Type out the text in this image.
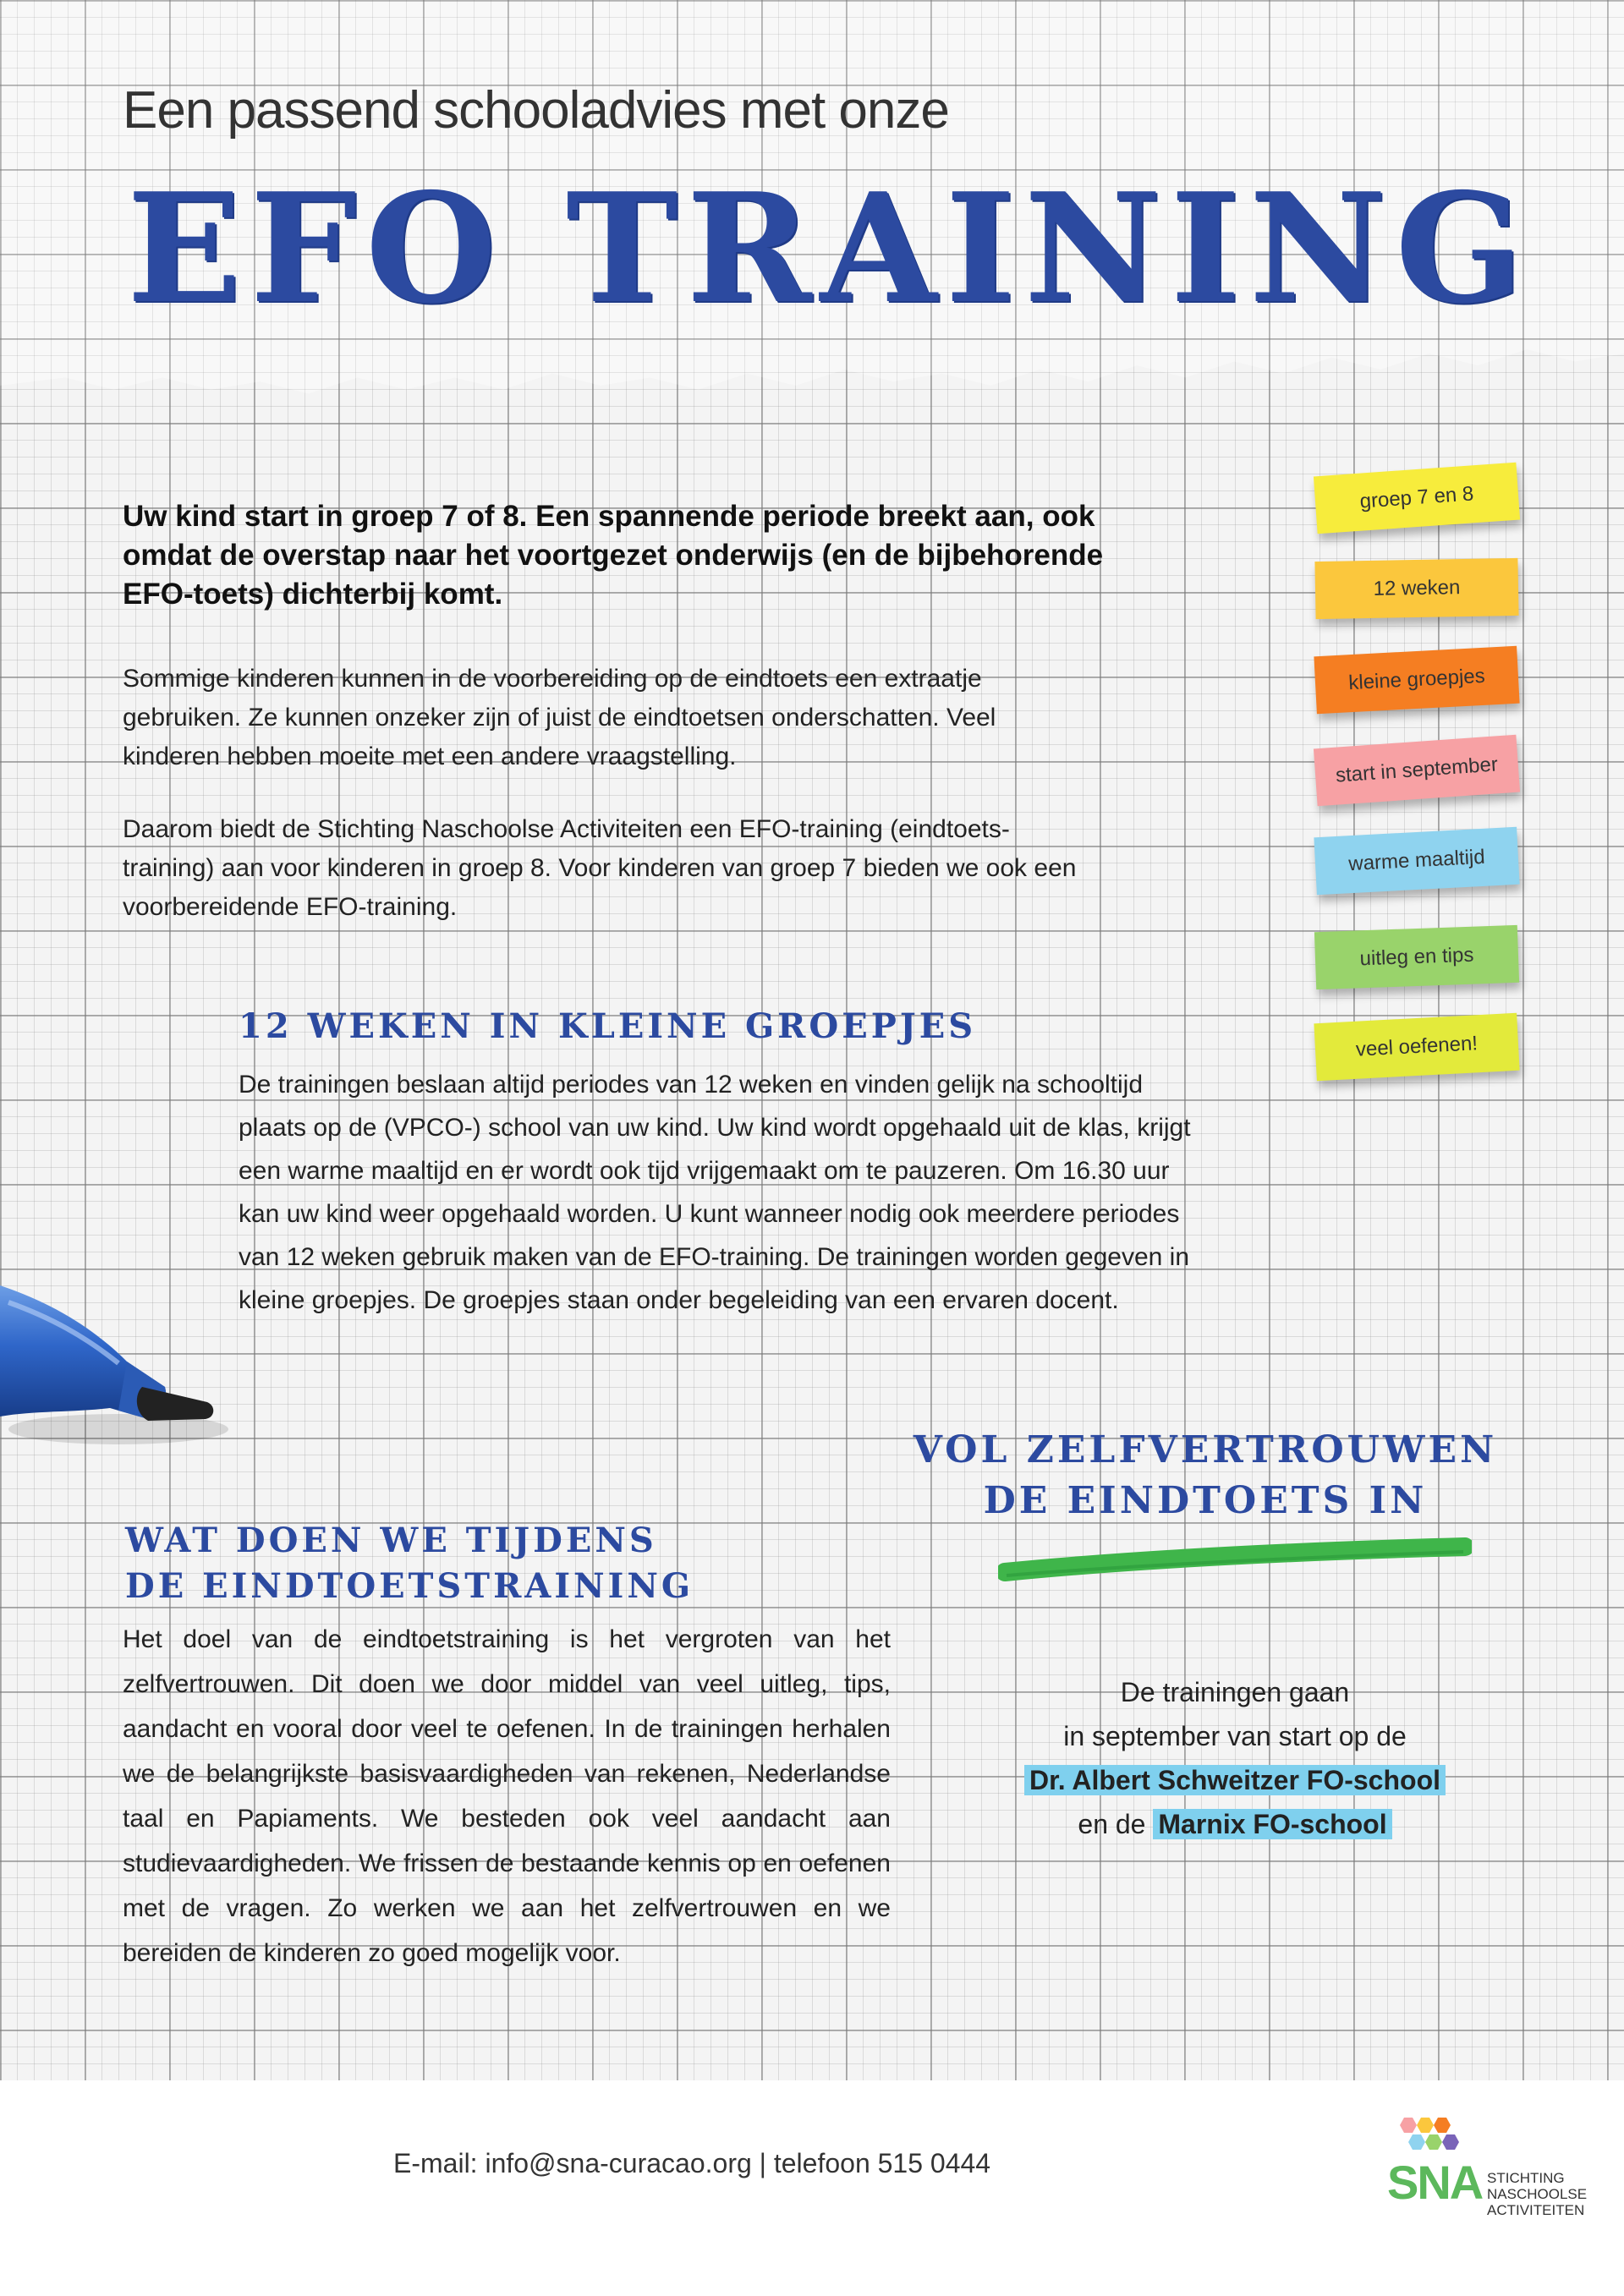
Een passend schooladvies met onze
EFO TRAINING
Uw kind start in groep 7 of 8. Een spannende periode breekt aan, ook omdat de overstap naar het voortgezet onderwijs (en de bijbehorende EFO-toets) dichterbij komt.
Sommige kinderen kunnen in de voorbereiding op de eindtoets een extraatje gebruiken. Ze kunnen onzeker zijn of juist de eindtoetsen onderschatten. Veel kinderen hebben moeite met een andere vraagstelling.
Daarom biedt de Stichting Naschoolse Activiteiten een EFO-training (eindtoets-training) aan voor kinderen in groep 8. Voor kinderen van groep 7 bieden we ook een voorbereidende EFO-training.
groep 7 en 8
12 weken
kleine groepjes
start in september
warme maaltijd
uitleg en tips
veel oefenen!
12 WEKEN IN KLEINE GROEPJES
De trainingen beslaan altijd periodes van 12 weken en vinden gelijk na schooltijd plaats op de (VPCO-) school van uw kind. Uw kind wordt opgehaald uit de klas, krijgt een warme maaltijd en er wordt ook tijd vrijgemaakt om te pauzeren. Om 16.30 uur kan uw kind weer opgehaald worden. U kunt wanneer nodig ook meerdere periodes van 12 weken gebruik maken van de EFO-training. De trainingen worden gegeven in kleine groepjes. De groepjes staan onder begeleiding van een ervaren docent.
WAT DOEN WE TIJDENS
DE EINDTOETSTRAINING
Het doel van de eindtoetstraining is het vergroten van het zelfvertrouwen. Dit doen we door middel van veel uitleg, tips, aandacht en vooral door veel te oefenen. In de trainingen herhalen we de belangrijkste basisvaardigheden van rekenen, Nederlandse taal en Papiaments. We besteden ook veel aandacht aan studievaardigheden. We frissen de bestaande kennis op en oefenen met de vragen. Zo werken we aan het zelfvertrouwen en we bereiden de kinderen zo goed mogelijk voor.
VOL ZELFVERTROUWEN
DE EINDTOETS IN
De trainingen gaan
in september van start op de
Dr. Albert Schweitzer FO-school
en de Marnix FO-school
E-mail: info@sna-curacao.org | telefoon 515 0444	SNA STICHTING
NASCHOOLSE
ACTIVITEITEN
